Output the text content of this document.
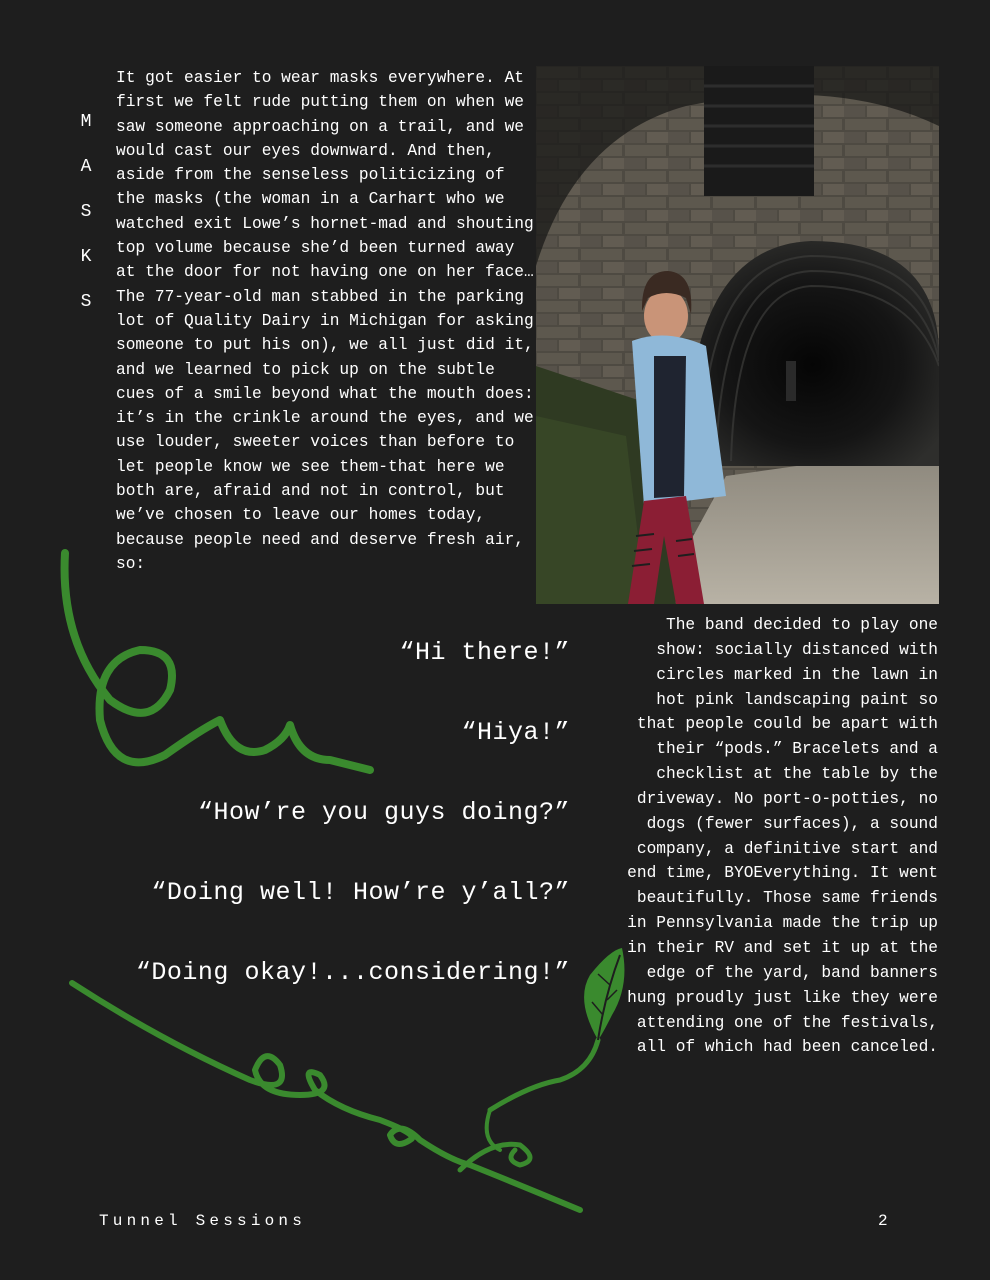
M
A
S
K
S

It got easier to wear masks everywhere. At first we felt rude putting them on when we saw someone approaching on a trail, and we would cast our eyes downward. And then, aside from the senseless politicizing of the masks (the woman in a Carhart who we watched exit Lowe’s hornet-mad and shouting top volume because she’d been turned away at the door for not having one on her face… The 77-year-old man stabbed in the parking lot of Quality Dairy in Michigan for asking someone to put his on), we all just did it, and we learned to pick up on the subtle cues of a smile beyond what the mouth does: it’s in the crinkle around the eyes, and we use louder, sweeter voices than before to let people know we see them-that here we both are, afraid and not in control, but we’ve chosen to leave our homes today, because people need and deserve fresh air, so:

The band decided to play one show: socially distanced with circles marked in the lawn in hot pink landscaping paint so that people could be apart with their “pods.” Bracelets and a checklist at the table by the driveway. No port-o-potties, no dogs (fewer surfaces), a sound company, a definitive start and end time, BYOEverything. It went beautifully. Those same friends in Pennsylvania made the trip up in their RV and set it up at the edge of the yard, band banners hung proudly just like they were attending one of the festivals, all of which had been canceled.

“Hi there!”
“Hiya!”
“How’re you guys doing?”
“Doing well! How’re y’all?”
“Doing okay!...considering!”
Tunnel Sessions	2
